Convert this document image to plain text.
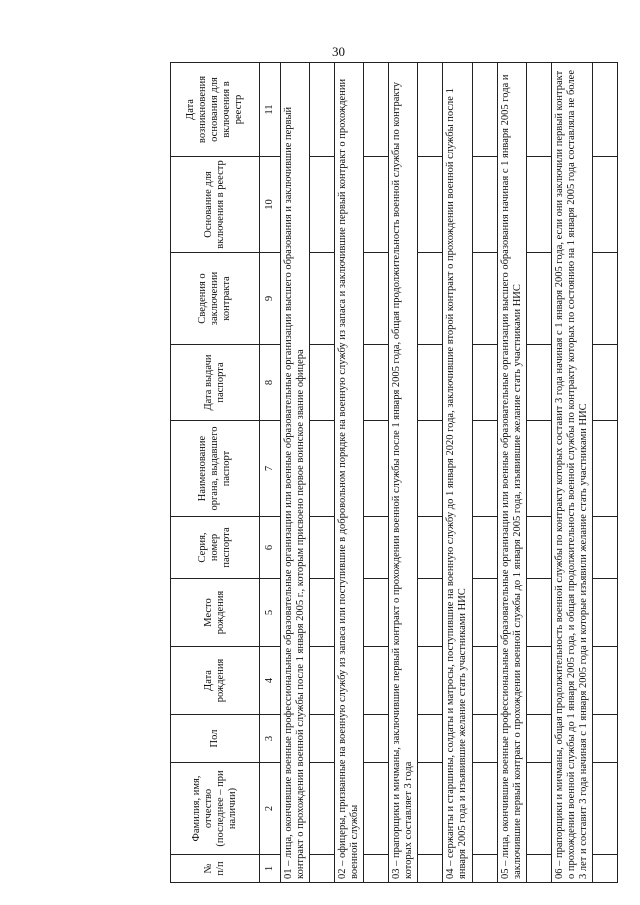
30
№ п/п	Фамилия, имя, отчество (последнее – при наличии)	Пол	Дата рождения	Место рождения	Серия, номер паспорта	Наименование органа, выдавшего паспорт	Дата выдачи паспорта	Сведения о заключении контракта	Основание для включения в реестр	Дата возникновения основания для включения в реестр
1	2	3	4	5	6	7	8	9	10	11
01 – лица, окончившие военные профессиональные образовательные организации или военные образовательные организации высшего образования и заключившие первый контракт о прохождении военной службы после 1 января 2005 г., которым присвоено первое воинское звание офицера										

02 – офицеры, призванные на военную службу из запаса или поступившие в добровольном порядке на военную службу из запаса и заключившие первый контракт о прохождении военной службы										

03 – прапорщики и мичманы, заключившие первый контракт о прохождении военной службы после 1 января 2005 года, общая продолжительность военной службы по контракту которых составляет 3 года										

04 – сержанты и старшины, солдаты и матросы, поступившие на военную службу до 1 января 2020 года, заключившие второй контракт о прохождении военной службы после 1 января 2005 года и изъявившие желание стать участниками НИС										

05 – лица, окончившие военные профессиональные образовательные организации или военные образовательные организации высшего образования начиная с 1 января 2005 года и заключившие первый контракт о прохождении военной службы до 1 января 2005 года, изъявившие желание стать участниками НИС										

06 – прапорщики и мичманы, общая продолжительность военной службы по контракту которых составит 3 года начиная с 1 января 2005 года, если они заключили первый контракт о прохождении военной службы до 1 января 2005 года, и общая продолжительность военной службы по контракту которых по состоянию на 1 января 2005 года составляла не более 3 лет и составит 3 года начиная с 1 января 2005 года и которые изъявили желание стать участниками НИС										
